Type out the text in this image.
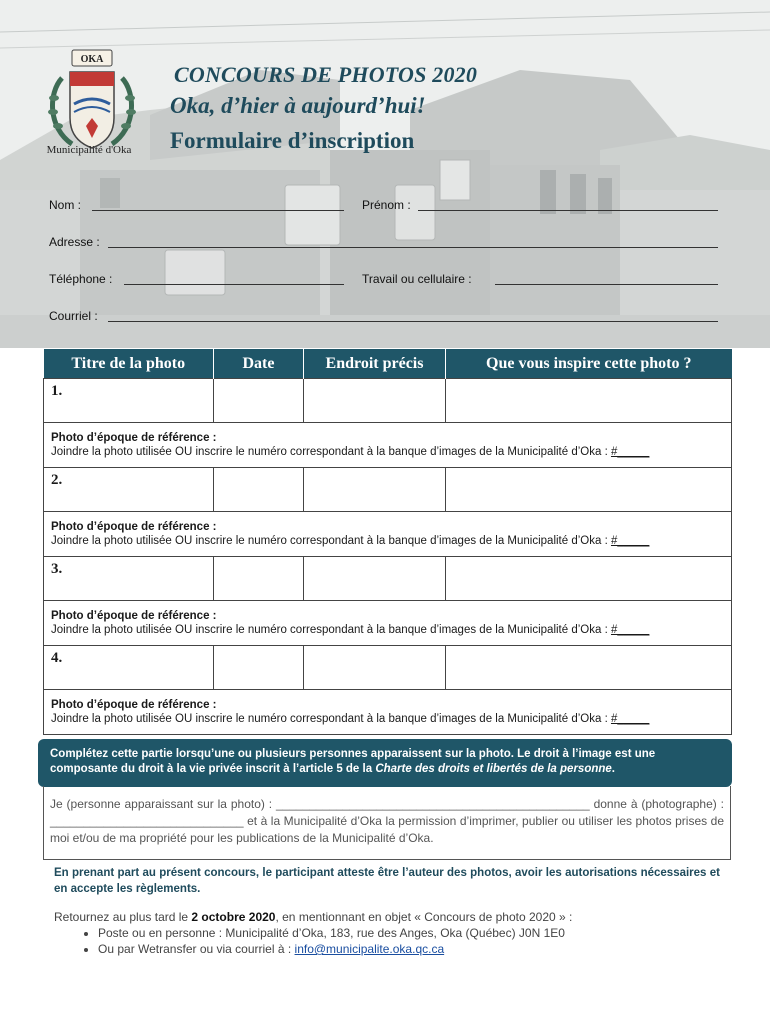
OKA
Municipalité d'Oka
CONCOURS DE PHOTOS 2020
Oka, d’hier à aujourd’hui!
Formulaire d’inscription
Nom :	Prénom :
Adresse :
Téléphone :	Travail ou cellulaire :
Courriel :
Titre de la photo	Date	Endroit précis	Que vous inspire cette photo ?

1.			

Photo d’époque de référence :
Joindre la photo utilisée OU inscrire le numéro correspondant à la banque d’images de la Municipalité d’Oka : #_____			

2.			

Photo d’époque de référence :
Joindre la photo utilisée OU inscrire le numéro correspondant à la banque d’images de la Municipalité d’Oka : #_____			

3.			

Photo d’époque de référence :
Joindre la photo utilisée OU inscrire le numéro correspondant à la banque d’images de la Municipalité d’Oka : #_____			

4.			

Photo d’époque de référence :
Joindre la photo utilisée OU inscrire le numéro correspondant à la banque d’images de la Municipalité d’Oka : #_____			
Complétez cette partie lorsqu’une ou plusieurs personnes apparaissent sur la photo. Le droit à l’image est une composante du droit à la vie privée inscrit à l’article 5 de la Charte des droits et libertés de la personne.
Je (personne apparaissant sur la photo) : _______________________________________________ donne à (photographe) : _____________________________ et à la Municipalité d’Oka la permission d’imprimer, publier ou utiliser les photos prises de moi et/ou de ma propriété pour les publications de la Municipalité d’Oka.
En prenant part au présent concours, le participant atteste être l’auteur des photos, avoir les autorisations nécessaires et en accepte les règlements.
Retournez au plus tard le 2 octobre 2020, en mentionnant en objet « Concours de photo 2020 » :
• Poste ou en personne : Municipalité d’Oka, 183, rue des Anges, Oka (Québec) J0N 1E0
• Ou par Wetransfer ou via courriel à : info@municipalite.oka.qc.ca
